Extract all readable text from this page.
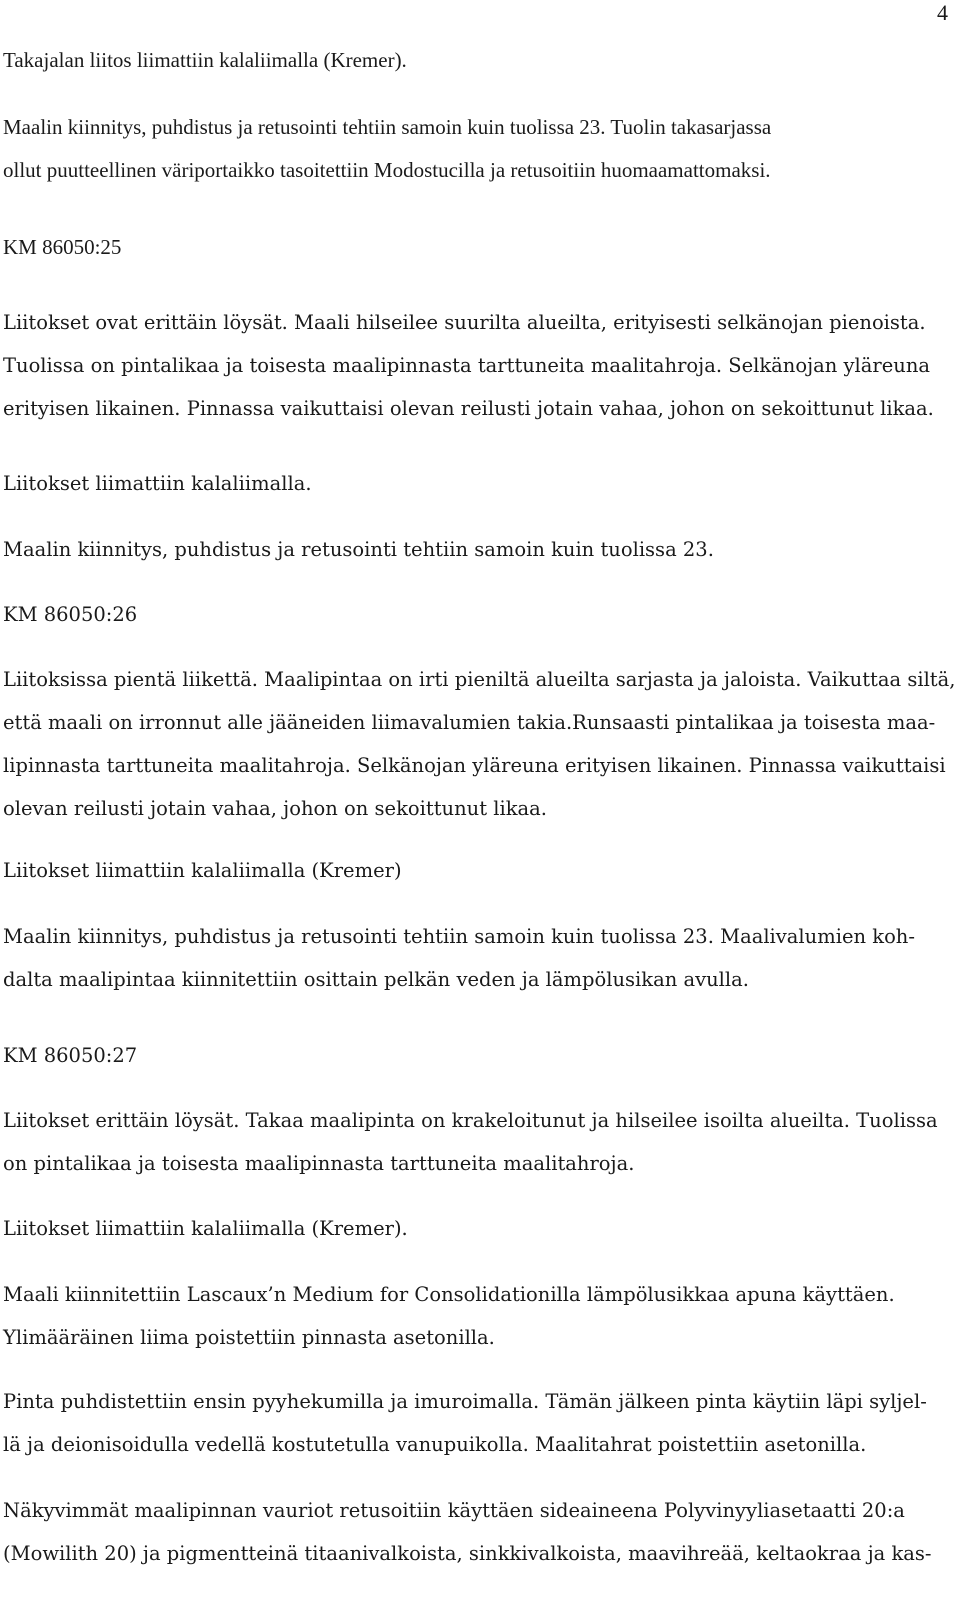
4
Takajalan liitos liimattiin kalaliimalla (Kremer).
Maalin kiinnitys, puhdistus ja retusointi tehtiin samoin kuin tuolissa 23. Tuolin takasarjassa
ollut puutteellinen väriportaikko tasoitettiin Modostucilla ja retusoitiin huomaamattomaksi.
KM 86050:25
Liitokset ovat erittäin löysät. Maali hilseilee suurilta alueilta, erityisesti selkänojan pienoista.
Tuolissa on pintalikaa ja toisesta maalipinnasta tarttuneita maalitahroja. Selkänojan yläreuna
erityisen likainen. Pinnassa vaikuttaisi olevan reilusti jotain vahaa, johon on sekoittunut likaa.
Liitokset liimattiin kalaliimalla.
Maalin kiinnitys, puhdistus ja retusointi tehtiin samoin kuin tuolissa 23.
KM 86050:26
Liitoksissa pientä liikettä. Maalipintaa on irti pieniltä alueilta sarjasta ja jaloista. Vaikuttaa siltä,
että maali on irronnut alle jääneiden liimavalumien takia.Runsaasti pintalikaa ja toisesta maa-
lipinnasta tarttuneita maalitahroja. Selkänojan yläreuna erityisen likainen. Pinnassa vaikuttaisi
olevan reilusti jotain vahaa, johon on sekoittunut likaa.
Liitokset liimattiin kalaliimalla (Kremer)
Maalin kiinnitys, puhdistus ja retusointi tehtiin samoin kuin tuolissa 23. Maalivalumien koh-
dalta maalipintaa kiinnitettiin osittain pelkän veden ja lämpölusikan avulla.
KM 86050:27
Liitokset erittäin löysät. Takaa maalipinta on krakeloitunut ja hilseilee isoilta alueilta. Tuolissa
on pintalikaa ja toisesta maalipinnasta tarttuneita maalitahroja.
Liitokset liimattiin kalaliimalla (Kremer).
Maali kiinnitettiin Lascaux’n Medium for Consolidationilla lämpölusikkaa apuna käyttäen.
Ylimääräinen liima poistettiin pinnasta asetonilla.
Pinta puhdistettiin ensin pyyhekumilla ja imuroimalla. Tämän jälkeen pinta käytiin läpi syljel-
lä ja deionisoidulla vedellä kostutetulla vanupuikolla. Maalitahrat poistettiin asetonilla.
Näkyvimmät maalipinnan vauriot retusoitiin käyttäen sideaineena Polyvinyyliasetaatti 20:a
(Mowilith 20) ja pigmentteinä titaanivalkoista, sinkkivalkoista, maavihreää, keltaokraa ja kas-
